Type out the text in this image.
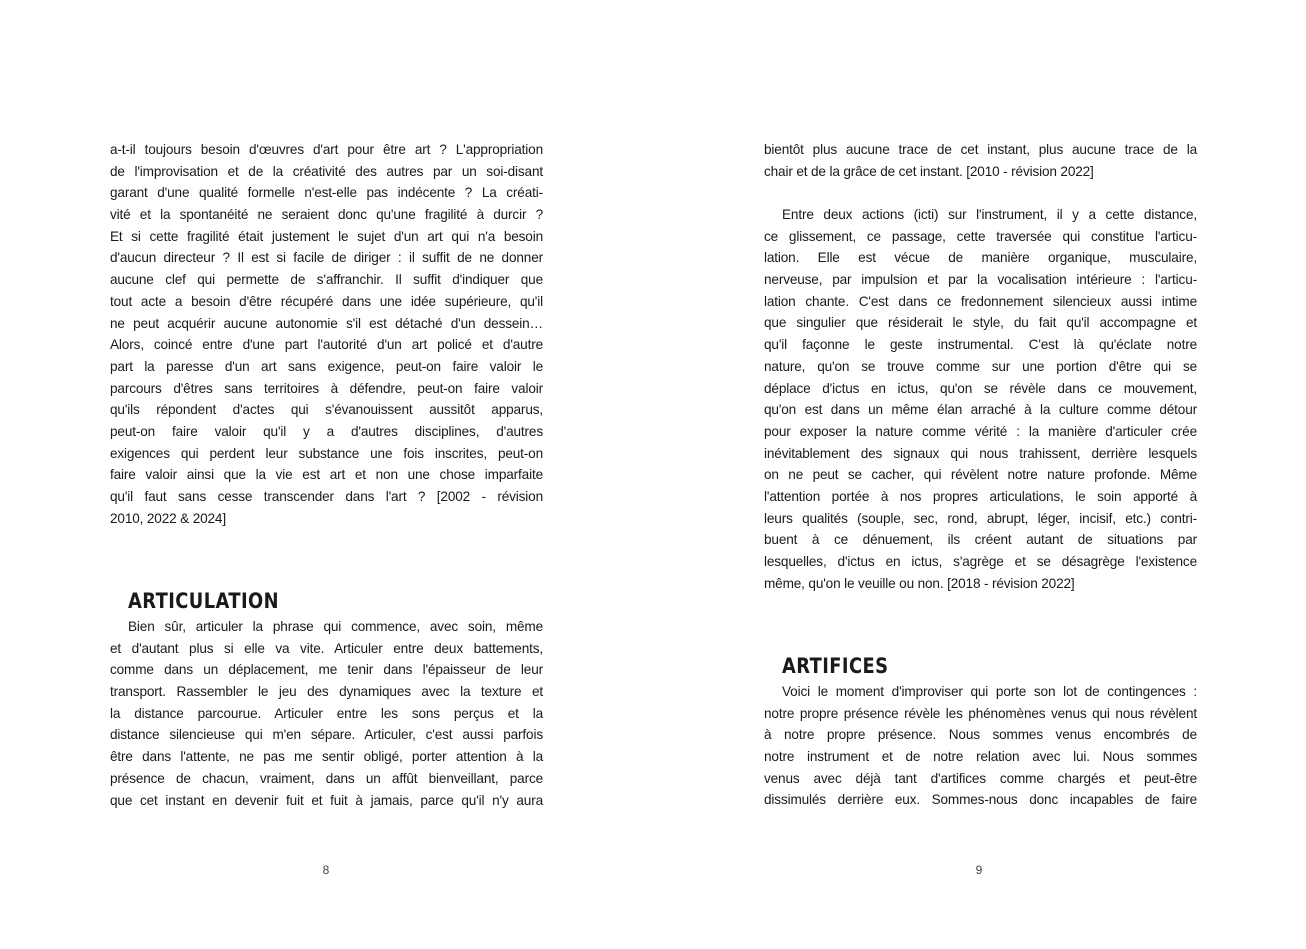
a-t-il toujours besoin d'œuvres d'art pour être art ? L'appropriation
de l'improvisation et de la créativité des autres par un soi-disant
garant d'une qualité formelle n'est-elle pas indécente ? La créati-
vité et la spontanéité ne seraient donc qu'une fragilité à durcir ?
Et si cette fragilité était justement le sujet d'un art qui n'a besoin
d'aucun directeur ? Il est si facile de diriger : il suffit de ne donner
aucune clef qui permette de s'affranchir. Il suffit d'indiquer que
tout acte a besoin d'être récupéré dans une idée supérieure, qu'il
ne peut acquérir aucune autonomie s'il est détaché d'un dessein…
Alors, coincé entre d'une part l'autorité d'un art policé et d'autre
part la paresse d'un art sans exigence, peut-on faire valoir le
parcours d'êtres sans territoires à défendre, peut-on faire valoir
qu'ils répondent d'actes qui s'évanouissent aussitôt apparus,
peut-on faire valoir qu'il y a d'autres disciplines, d'autres
exigences qui perdent leur substance une fois inscrites, peut-on
faire valoir ainsi que la vie est art et non une chose imparfaite
qu'il faut sans cesse transcender dans l'art ? [2002 - révision
2010, 2022 & 2024]
ARTICULATION
Bien sûr, articuler la phrase qui commence, avec soin, même
et d'autant plus si elle va vite. Articuler entre deux battements,
comme dans un déplacement, me tenir dans l'épaisseur de leur
transport. Rassembler le jeu des dynamiques avec la texture et
la distance parcourue. Articuler entre les sons perçus et la
distance silencieuse qui m'en sépare. Articuler, c'est aussi parfois
être dans l'attente, ne pas me sentir obligé, porter attention à la
présence de chacun, vraiment, dans un affût bienveillant, parce
que cet instant en devenir fuit et fuit à jamais, parce qu'il n'y aura
8
bientôt plus aucune trace de cet instant, plus aucune trace de la
chair et de la grâce de cet instant. [2010 - révision 2022]
Entre deux actions (icti) sur l'instrument, il y a cette distance,
ce glissement, ce passage, cette traversée qui constitue l'articu-
lation. Elle est vécue de manière organique, musculaire,
nerveuse, par impulsion et par la vocalisation intérieure : l'articu-
lation chante. C'est dans ce fredonnement silencieux aussi intime
que singulier que résiderait le style, du fait qu'il accompagne et
qu'il façonne le geste instrumental. C'est là qu'éclate notre
nature, qu'on se trouve comme sur une portion d'être qui se
déplace d'ictus en ictus, qu'on se révèle dans ce mouvement,
qu'on est dans un même élan arraché à la culture comme détour
pour exposer la nature comme vérité : la manière d'articuler crée
inévitablement des signaux qui nous trahissent, derrière lesquels
on ne peut se cacher, qui révèlent notre nature profonde. Même
l'attention portée à nos propres articulations, le soin apporté à
leurs qualités (souple, sec, rond, abrupt, léger, incisif, etc.) contri-
buent à ce dénuement, ils créent autant de situations par
lesquelles, d'ictus en ictus, s'agrège et se désagrège l'existence
même, qu'on le veuille ou non. [2018 - révision 2022]
ARTIFICES
Voici le moment d'improviser qui porte son lot de contingences :
notre propre présence révèle les phénomènes venus qui nous révèlent
à notre propre présence. Nous sommes venus encombrés de
notre instrument et de notre relation avec lui. Nous sommes
venus avec déjà tant d'artifices comme chargés et peut-être
dissimulés derrière eux. Sommes-nous donc incapables de faire
9
